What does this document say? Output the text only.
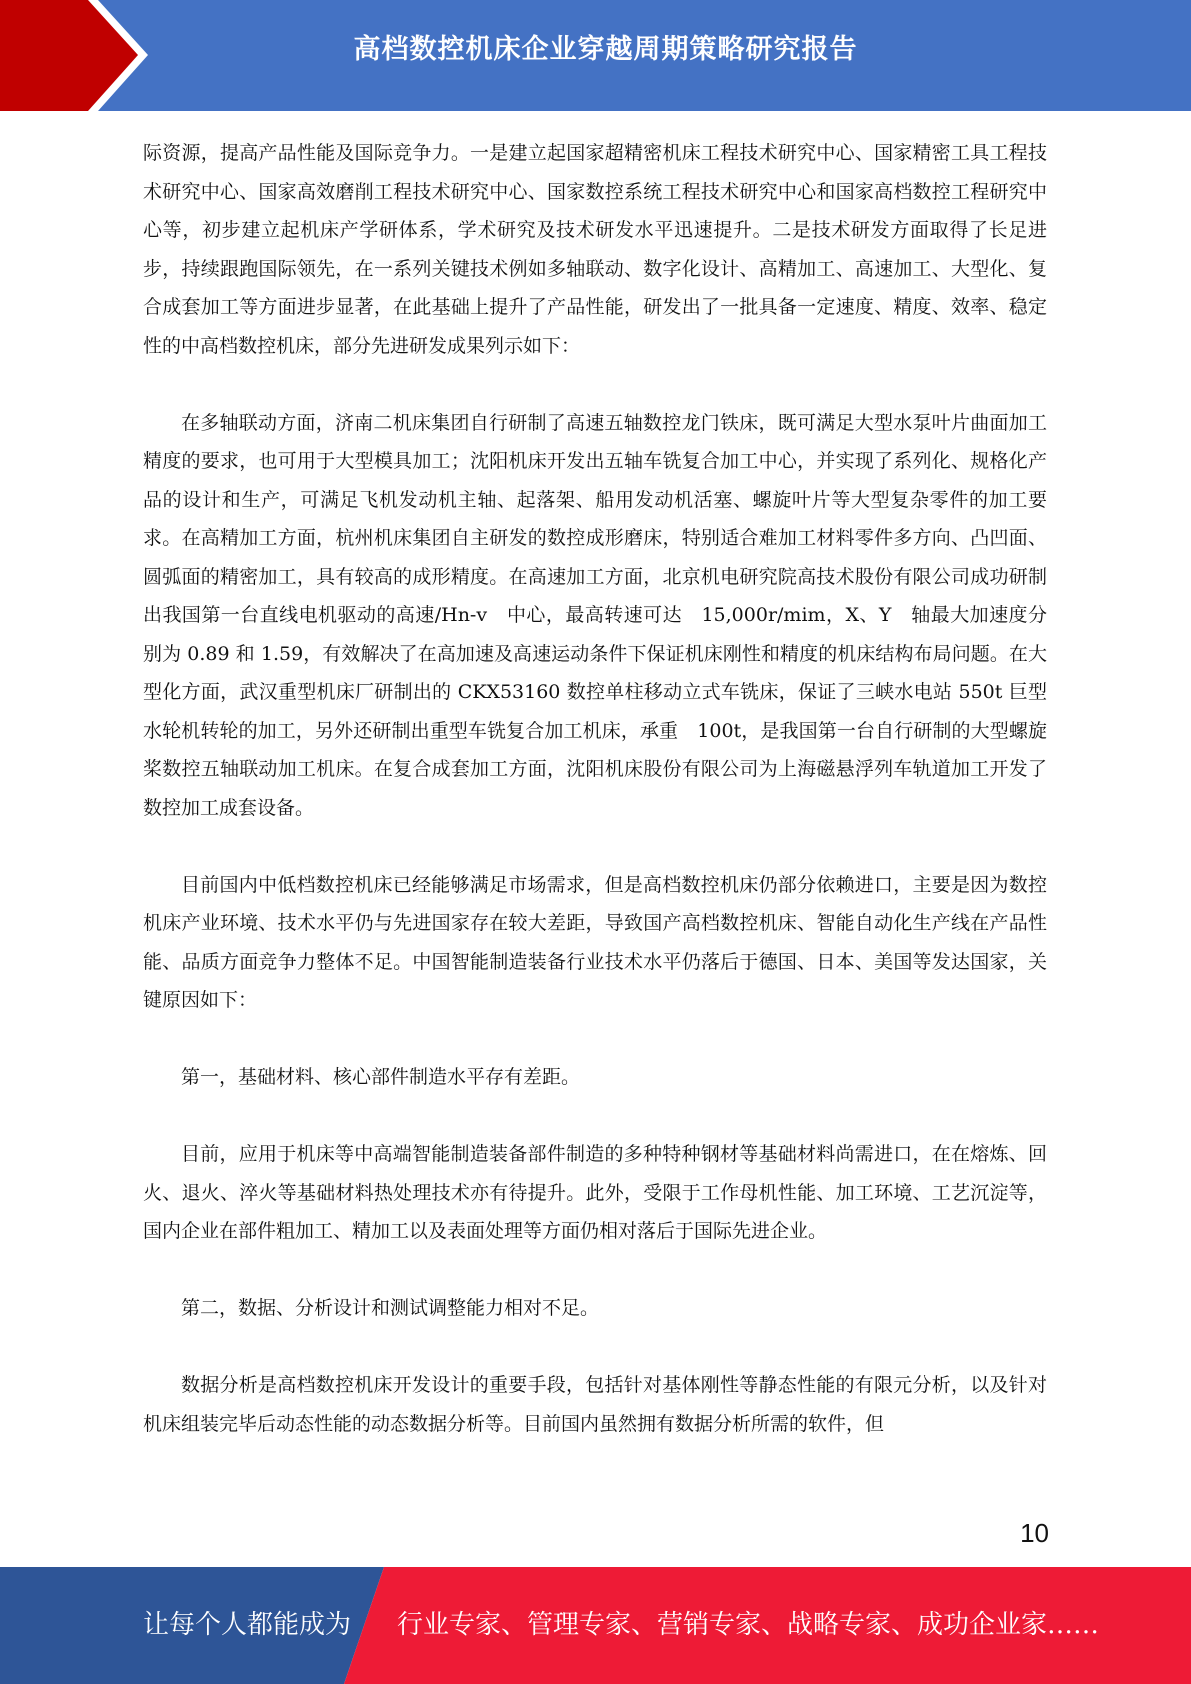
高档数控机床企业穿越周期策略研究报告

际资源，提高产品性能及国际竞争力。一是建立起国家超精密机床工程技术研究中心、国家精密工具工程技术研究中心、国家高效磨削工程技术研究中心、国家数控系统工程技术研究中心和国家高档数控工程研究中心等，初步建立起机床产学研体系，学术研究及技术研发水平迅速提升。二是技术研发方面取得了长足进步，持续跟跑国际领先，在一系列关键技术例如多轴联动、数字化设计、高精加工、高速加工、大型化、复合成套加工等方面进步显著，在此基础上提升了产品性能，研发出了一批具备一定速度、精度、效率、稳定性的中高档数控机床，部分先进研发成果列示如下：

在多轴联动方面，济南二机床集团自行研制了高速五轴数控龙门铁床，既可满足大型水泵叶片曲面加工精度的要求，也可用于大型模具加工；沈阳机床开发出五轴车铣复合加工中心，并实现了系列化、规格化产品的设计和生产，可满足飞机发动机主轴、起落架、船用发动机活塞、螺旋叶片等大型复杂零件的加工要求。在高精加工方面，杭州机床集团自主研发的数控成形磨床，特别适合难加工材料零件多方向、凸凹面、圆弧面的精密加工，具有较高的成形精度。在高速加工方面，北京机电研究院高技术股份有限公司成功研制出我国第一台直线电机驱动的高速/Hn-v　中心，最高转速可达　15,000r/mim，X、Y　轴最大加速度分别为 0.89 和 1.59，有效解决了在高加速及高速运动条件下保证机床刚性和精度的机床结构布局问题。在大型化方面，武汉重型机床厂研制出的 CKX53160 数控单柱移动立式车铣床，保证了三峡水电站 550t 巨型水轮机转轮的加工，另外还研制出重型车铣复合加工机床，承重　100t，是我国第一台自行研制的大型螺旋桨数控五轴联动加工机床。在复合成套加工方面，沈阳机床股份有限公司为上海磁悬浮列车轨道加工开发了数控加工成套设备。

目前国内中低档数控机床已经能够满足市场需求，但是高档数控机床仍部分依赖进口，主要是因为数控机床产业环境、技术水平仍与先进国家存在较大差距，导致国产高档数控机床、智能自动化生产线在产品性能、品质方面竞争力整体不足。中国智能制造装备行业技术水平仍落后于德国、日本、美国等发达国家，关键原因如下：

第一，基础材料、核心部件制造水平存有差距。

目前，应用于机床等中高端智能制造装备部件制造的多种特种钢材等基础材料尚需进口，在在熔炼、回火、退火、淬火等基础材料热处理技术亦有待提升。此外，受限于工作母机性能、加工环境、工艺沉淀等，国内企业在部件粗加工、精加工以及表面处理等方面仍相对落后于国际先进企业。

第二，数据、分析设计和测试调整能力相对不足。

数据分析是高档数控机床开发设计的重要手段，包括针对基体刚性等静态性能的有限元分析，以及针对机床组装完毕后动态性能的动态数据分析等。目前国内虽然拥有数据分析所需的软件，但

10
让每个人都能成为 行业专家、管理专家、营销专家、战略专家、成功企业家……
